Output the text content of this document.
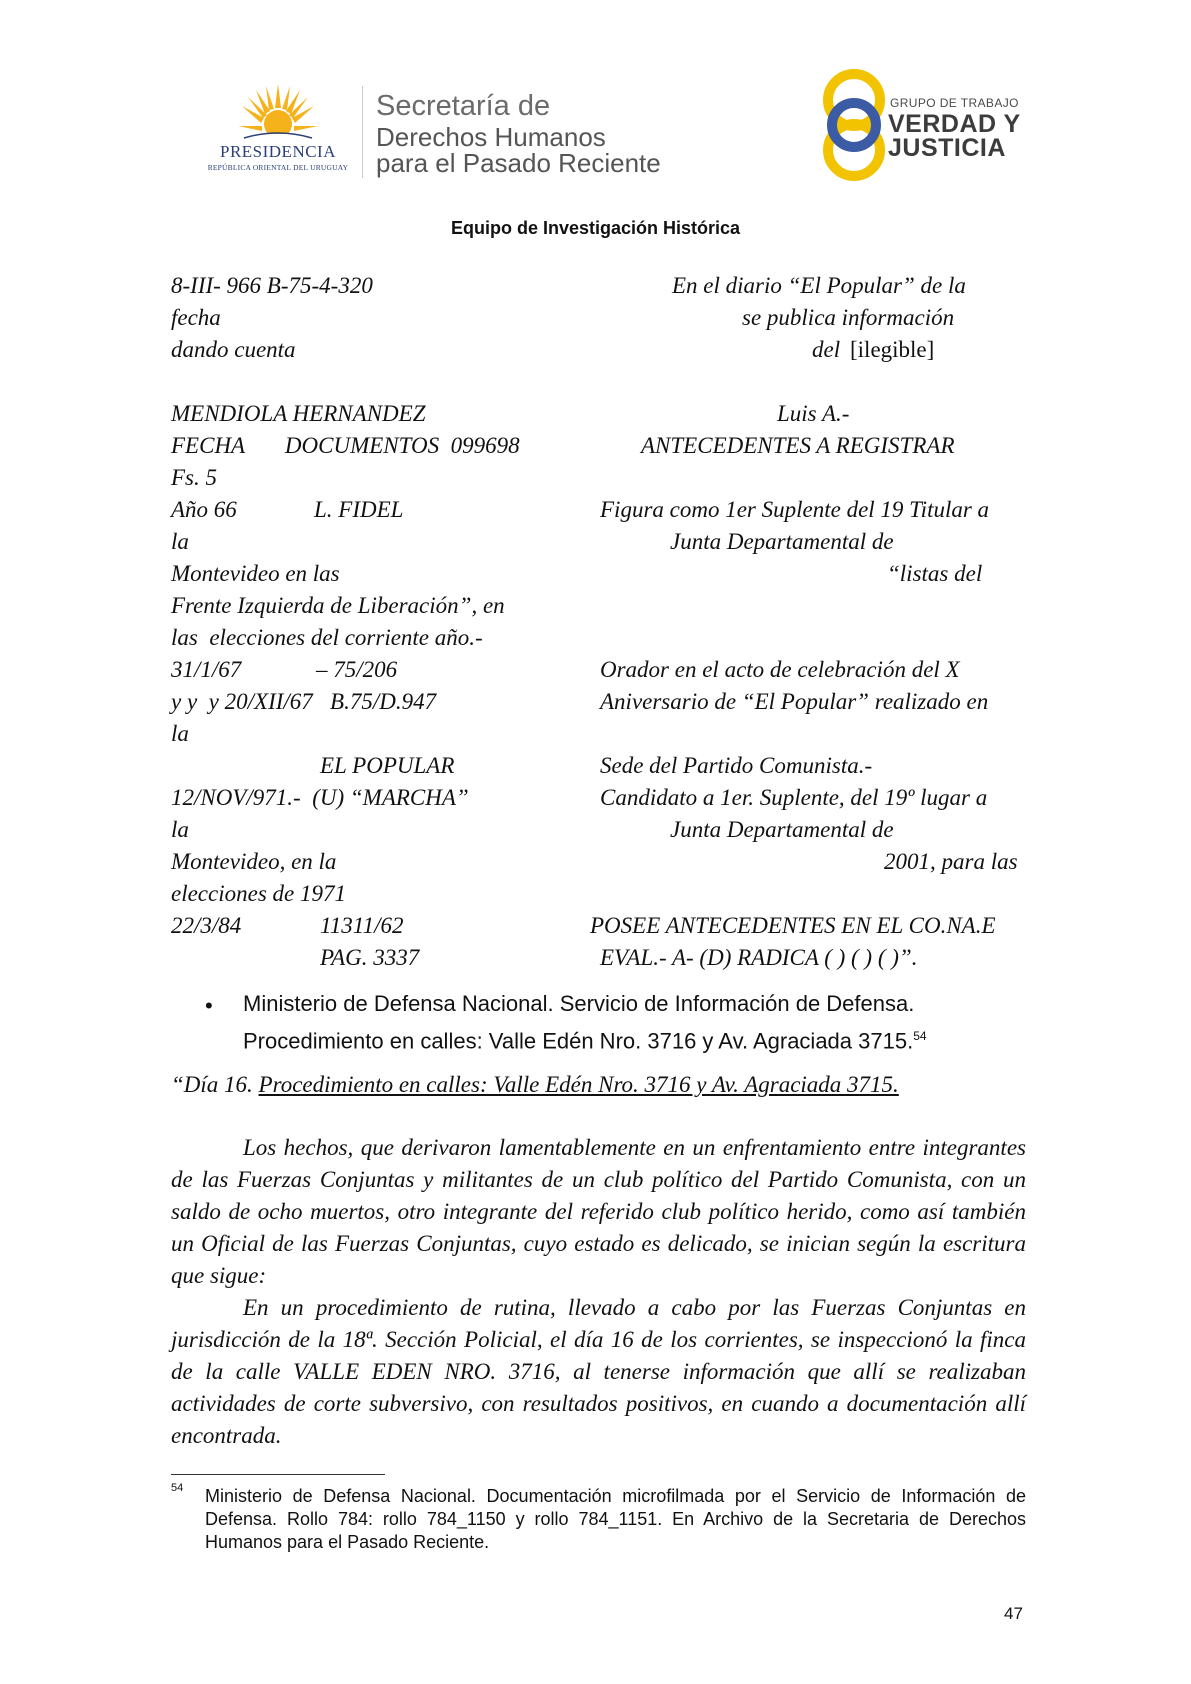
PRESIDENCIA
REPÚBLICA ORIENTAL DEL URUGUAY
Secretaría de
Derechos Humanos
para el Pasado Reciente
GRUPO DE TRABAJO
VERDAD Y
JUSTICIA
Equipo de Investigación Histórica
8-III- 966 B-75-4-320	En el diario “El Popular” de la
fecha	se publica información
dando cuenta	del [ilegible]
MENDIOLA HERNANDEZ	Luis A.-
FECHA       DOCUMENTOS  099698	ANTECEDENTES A REGISTRAR
Fs. 5
Año 66	L. FIDEL	Figura como 1er Suplente del 19 Titular a
la	Junta Departamental de
Montevideo en las	“listas del
Frente Izquierda de Liberación”, en
las  elecciones del corriente año.-
31/1/67	– 75/206	Orador en el acto de celebración del X
y y  y 20/XII/67   B.75/D.947	Aniversario de “El Popular” realizado en
la
EL POPULAR	Sede del Partido Comunista.-
12/NOV/971.-  (U) “MARCHA”	Candidato a 1er. Suplente, del 19º lugar a
la	Junta Departamental de
Montevideo, en la	2001, para las
elecciones de 1971
22/3/84	11311/62	POSEE ANTECEDENTES EN EL CO.NA.E
PAG. 3337	EVAL.- A- (D) RADICA ( ) ( ) ( )”.
• Ministerio de Defensa Nacional. Servicio de Información de Defensa.
Procedimiento en calles: Valle Edén Nro. 3716 y Av. Agraciada 3715.54
“Día 16. Procedimiento en calles: Valle Edén Nro. 3716 y Av. Agraciada 3715.

Los hechos, que derivaron lamentablemente en un enfrentamiento entre integrantes de las Fuerzas Conjuntas y militantes de un club político del Partido Comunista, con un saldo de ocho muertos, otro integrante del referido club político herido, como así también un Oficial de las Fuerzas Conjuntas, cuyo estado es delicado, se inician según la escritura que sigue:

En un procedimiento de rutina, llevado a cabo por las Fuerzas Conjuntas en jurisdicción de la 18ª. Sección Policial, el día 16 de los corrientes, se inspeccionó la finca de la calle VALLE EDEN NRO. 3716, al tenerse información que allí se realizaban actividades de corte subversivo, con resultados positivos, en cuando a documentación allí encontrada.

54 Ministerio de Defensa Nacional. Documentación microfilmada por el Servicio de Información de Defensa. Rollo 784: rollo 784_1150 y rollo 784_1151. En Archivo de la Secretaria de Derechos Humanos para el Pasado Reciente.
47
